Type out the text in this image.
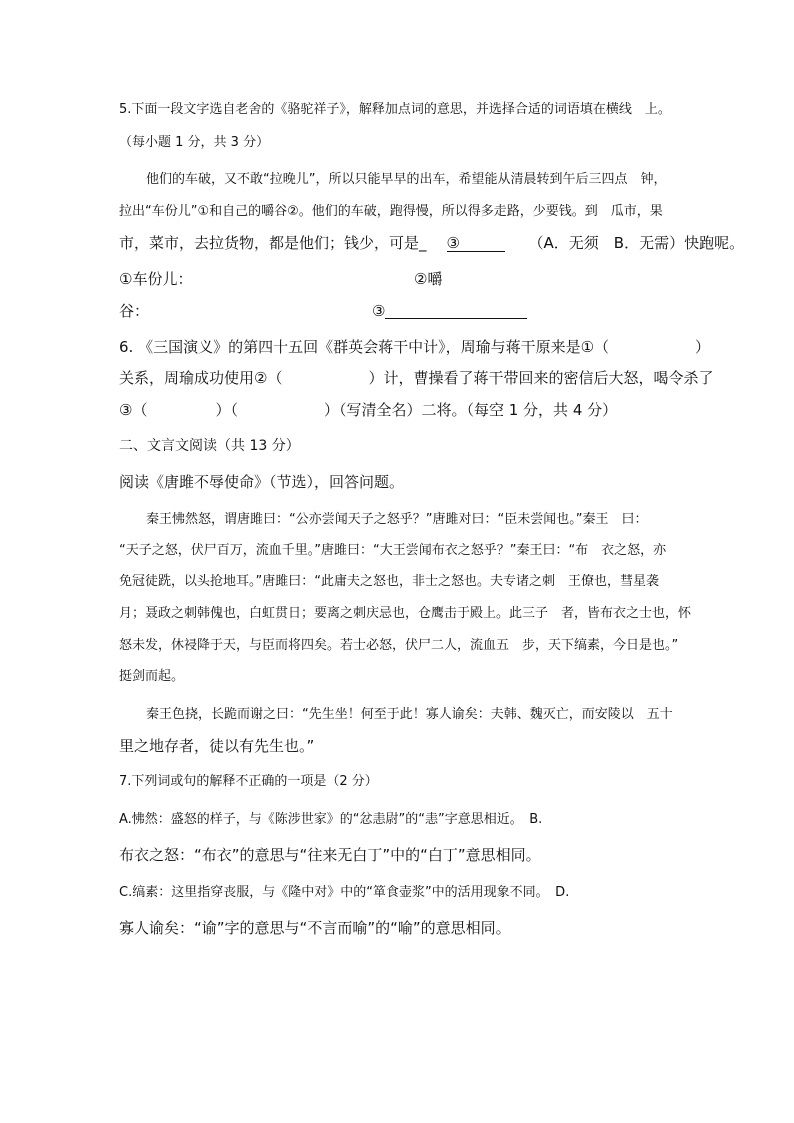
5.下面一段文字选自老舍的《骆驼祥子》，解释加点词的意思，并选择合适的词语填在横线　上。
（每小题 1 分，共 3 分）
他们的车破，又不敢“拉晚儿”，所以只能早早的出车，希望能从清晨转到午后三四点　钟，
拉出“车份儿”①和自己的嚼谷②。他们的车破，跑得慢，所以得多走路，少要钱。到　瓜市，果
市，菜市，去拉货物，都是他们；钱少，可是_ ③	（A．无须　B．无需）快跑呢。
①车份儿：	②嚼
谷：	③
6. 《三国演义》的第四十五回《群英会蒋干中计》，周瑜与蒋干原来是①（	）
关系，周瑜成功使用②（	）计，曹操看了蒋干带回来的密信后大怒，喝令杀了
③（	）（	）（写清全名）二将。（每空 1 分，共 4 分）
二、文言文阅读（共 13 分）
阅读《唐雎不辱使命》（节选），回答问题。
秦王怫然怒，谓唐雎曰：“公亦尝闻天子之怒乎？”唐雎对曰：“臣未尝闻也。”秦王　曰：
“天子之怒，伏尸百万，流血千里。”唐雎曰：“大王尝闻布衣之怒乎？”秦王曰：“布　衣之怒，亦
免冠徒跣，以头抢地耳。”唐雎曰：“此庸夫之怒也，非士之怒也。夫专诸之刺　王僚也，彗星袭
月；聂政之刺韩傀也，白虹贯日；要离之刺庆忌也，仓鹰击于殿上。此三子　者，皆布衣之士也，怀
怒未发，休祲降于天，与臣而将四矣。若士必怒，伏尸二人，流血五　步，天下缟素，今日是也。”
挺剑而起。
秦王色挠，长跪而谢之曰：“先生坐！何至于此！寡人谕矣：夫韩、魏灭亡，而安陵以　五十
里之地存者，徒以有先生也。”
7.下列词或句的解释不正确的一项是（2 分）
A.怫然：盛怒的样子，与《陈涉世家》的“忿恚尉”的“恚”字意思相近。　B.
布衣之怒：“布衣”的意思与“往来无白丁”中的“白丁”意思相同。
C.缟素：这里指穿丧服，与《隆中对》中的“箪食壶浆”中的活用现象不同。　D.
寡人谕矣：“谕”字的意思与“不言而喻”的“喻”的意思相同。
